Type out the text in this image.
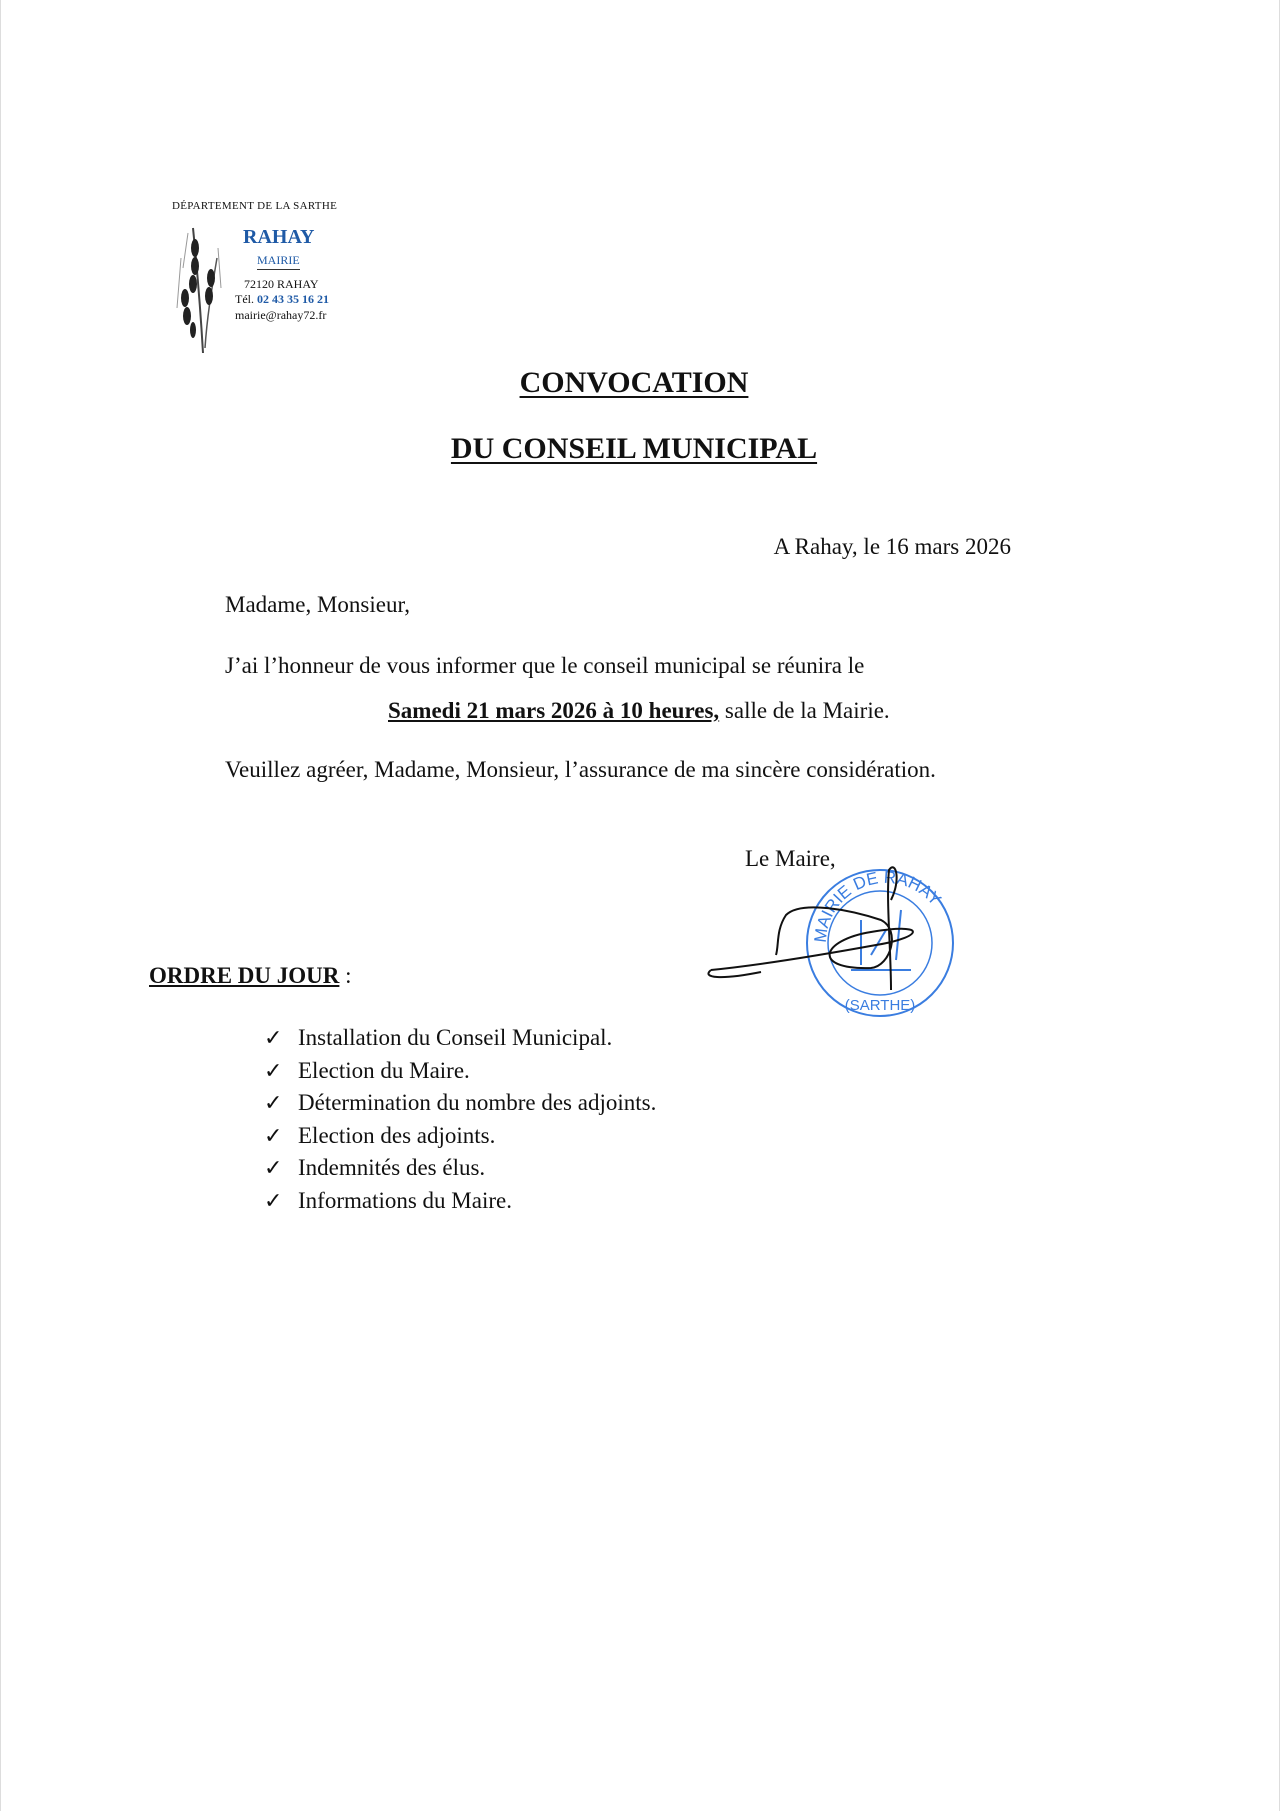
DÉPARTEMENT DE LA SARTHE
RAHAY
MAIRIE
72120 RAHAY
Tél. 02 43 35 16 21
mairie@rahay72.fr
CONVOCATION
DU CONSEIL MUNICIPAL
A Rahay, le 16 mars 2026
Madame, Monsieur,
J’ai l’honneur de vous informer que le conseil municipal se réunira le
Samedi 21 mars 2026 à 10 heures, salle de la Mairie.
Veuillez agréer, Madame, Monsieur, l’assurance de ma sincère considération.
Le Maire,
MAIRIE DE RAHAY
(SARTHE)
ORDRE DU JOUR :
✓ Installation du Conseil Municipal.
✓ Election du Maire.
✓ Détermination du nombre des adjoints.
✓ Election des adjoints.
✓ Indemnités des élus.
✓ Informations du Maire.
